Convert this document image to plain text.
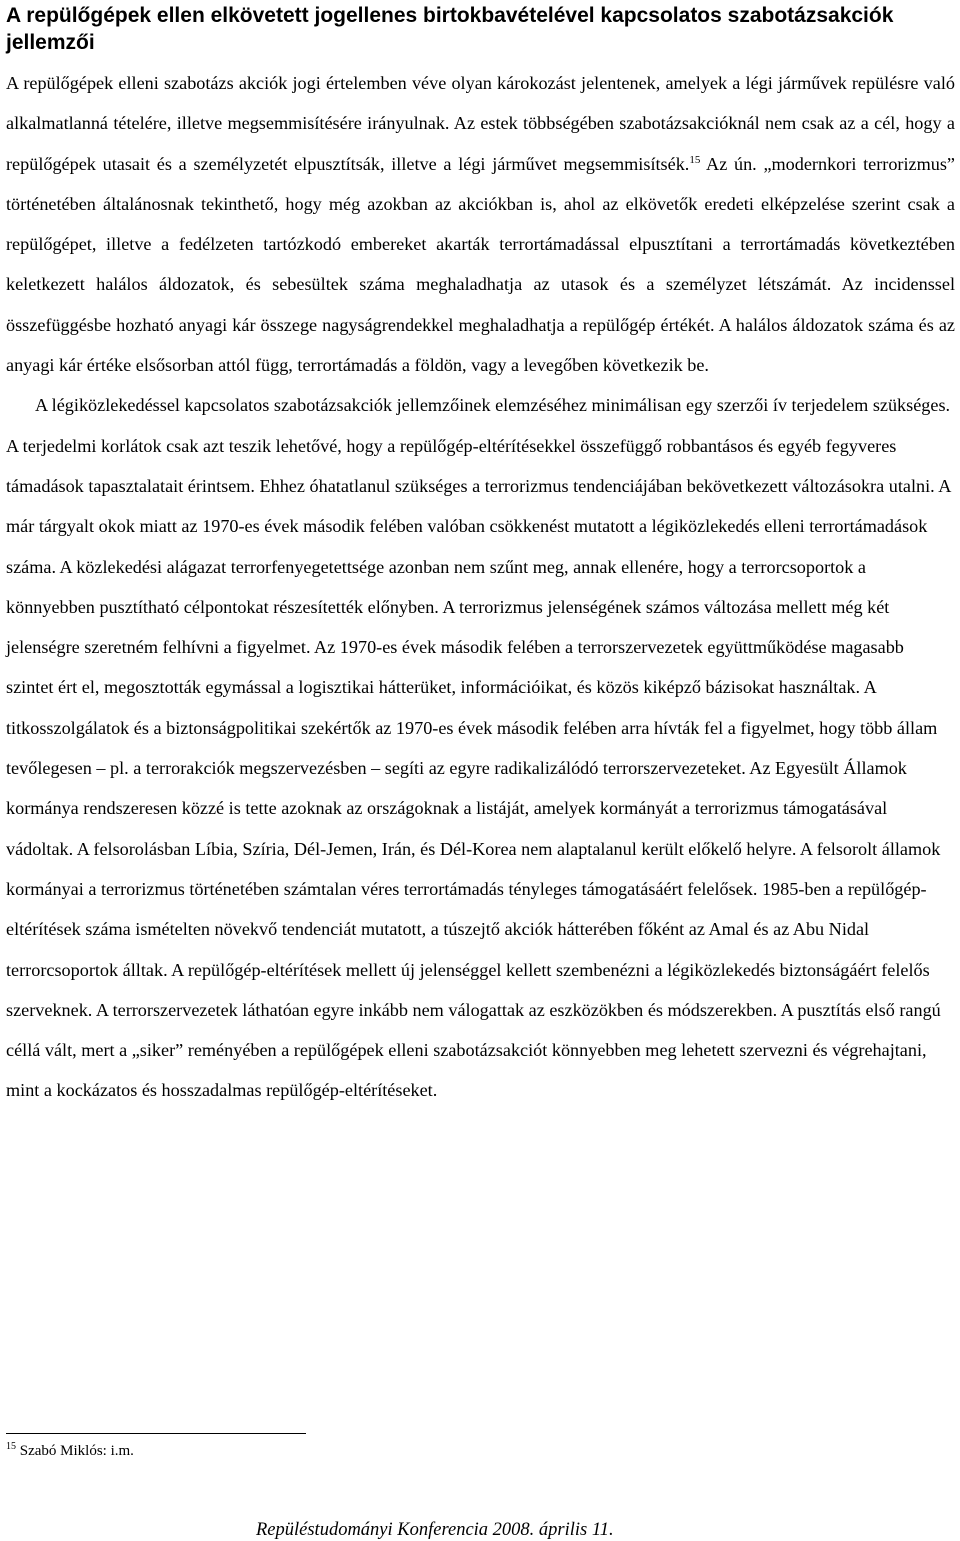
A repülőgépek ellen elkövetett jogellenes birtokbavételével kapcsolatos szabotázsakciók jellemzői

A repülőgépek elleni szabotázs akciók jogi értelemben véve olyan károkozást jelentenek, amelyek a légi járművek repülésre való alkalmatlanná tételére, illetve megsemmisítésére irányulnak. Az estek többségében szabotázsakcióknál nem csak az a cél, hogy a repülőgépek utasait és a személyzetét elpusztítsák, illetve a légi járművet megsemmisítsék.$^{15}$ Az ún. „modernkori terrorizmus” történetében általánosnak tekinthető, hogy még azokban az akciókban is, ahol az elkövetők eredeti elképzelése szerint csak a repülőgépet, illetve a fedélzeten tartózkodó embereket akarták terrortámadással elpusztítani a terrortámadás következtében keletkezett halálos áldozatok, és sebesültek száma meghaladhatja az utasok és a személyzet létszámát. Az incidenssel összefüggésbe hozható anyagi kár összege nagyságrendekkel meghaladhatja a repülőgép értékét. A halálos áldozatok száma és az anyagi kár értéke elsősorban attól függ, terrortámadás a földön, vagy a levegőben következik be.

A légiközlekedéssel kapcsolatos szabotázsakciók jellemzőinek elemzéséhez minimálisan egy szerzői ív terjedelem szükséges. A terjedelmi korlátok csak azt teszik lehetővé, hogy a repülőgép-eltérítésekkel összefüggő robbantásos és egyéb fegyveres támadások tapasztalatait érintsem. Ehhez óhatatlanul szükséges a terrorizmus tendenciájában bekövetkezett változásokra utalni. A már tárgyalt okok miatt az 1970-es évek második felében valóban csökkenést mutatott a légiközlekedés elleni terrortámadások száma. A közlekedési alágazat terrorfenyegetettsége azonban nem szűnt meg, annak ellenére, hogy a terrorcsoportok a könnyebben pusztítható célpontokat részesítették előnyben. A terrorizmus jelenségének számos változása mellett még két jelenségre szeretném felhívni a figyelmet. Az 1970-es évek második felében a terrorszervezetek együttműködése magasabb szintet ért el, megosztották egymással a logisztikai hátterüket, információikat, és közös kiképző bázisokat használtak. A titkosszolgálatok és a biztonságpolitikai szekértők az 1970-es évek második felében arra hívták fel a figyelmet, hogy több állam tevőlegesen – pl. a terrorakciók megszervezésben – segíti az egyre radikalizálódó terrorszervezeteket. Az Egyesült Államok kormánya rendszeresen közzé is tette azoknak az országoknak a listáját, amelyek kormányát a terrorizmus támogatásával vádoltak. A felsorolásban Líbia, Szíria, Dél-Jemen, Irán, és Dél-Korea nem alaptalanul került előkelő helyre. A felsorolt államok kormányai a terrorizmus történetében számtalan véres terrortámadás tényleges támogatásáért felelősek. 1985-ben a repülőgép-eltérítések száma ismételten növekvő tendenciát mutatott, a túszejtő akciók hátterében főként az Amal és az Abu Nidal terrorcsoportok álltak. A repülőgép-eltérítések mellett új jelenséggel kellett szembenézni a légiközlekedés biztonságáért felelős szerveknek. A terrorszervezetek láthatóan egyre inkább nem válogattak az eszközökben és módszerekben. A pusztítás első rangú céllá vált, mert a „siker” reményében a repülőgépek elleni szabotázsakciót könnyebben meg lehetett szervezni és végrehajtani, mint a kockázatos és hosszadalmas repülőgép-eltérítéseket.

$^{15}$ Szabó Miklós: i.m.
Repüléstudományi Konferencia 2008. április 11.
